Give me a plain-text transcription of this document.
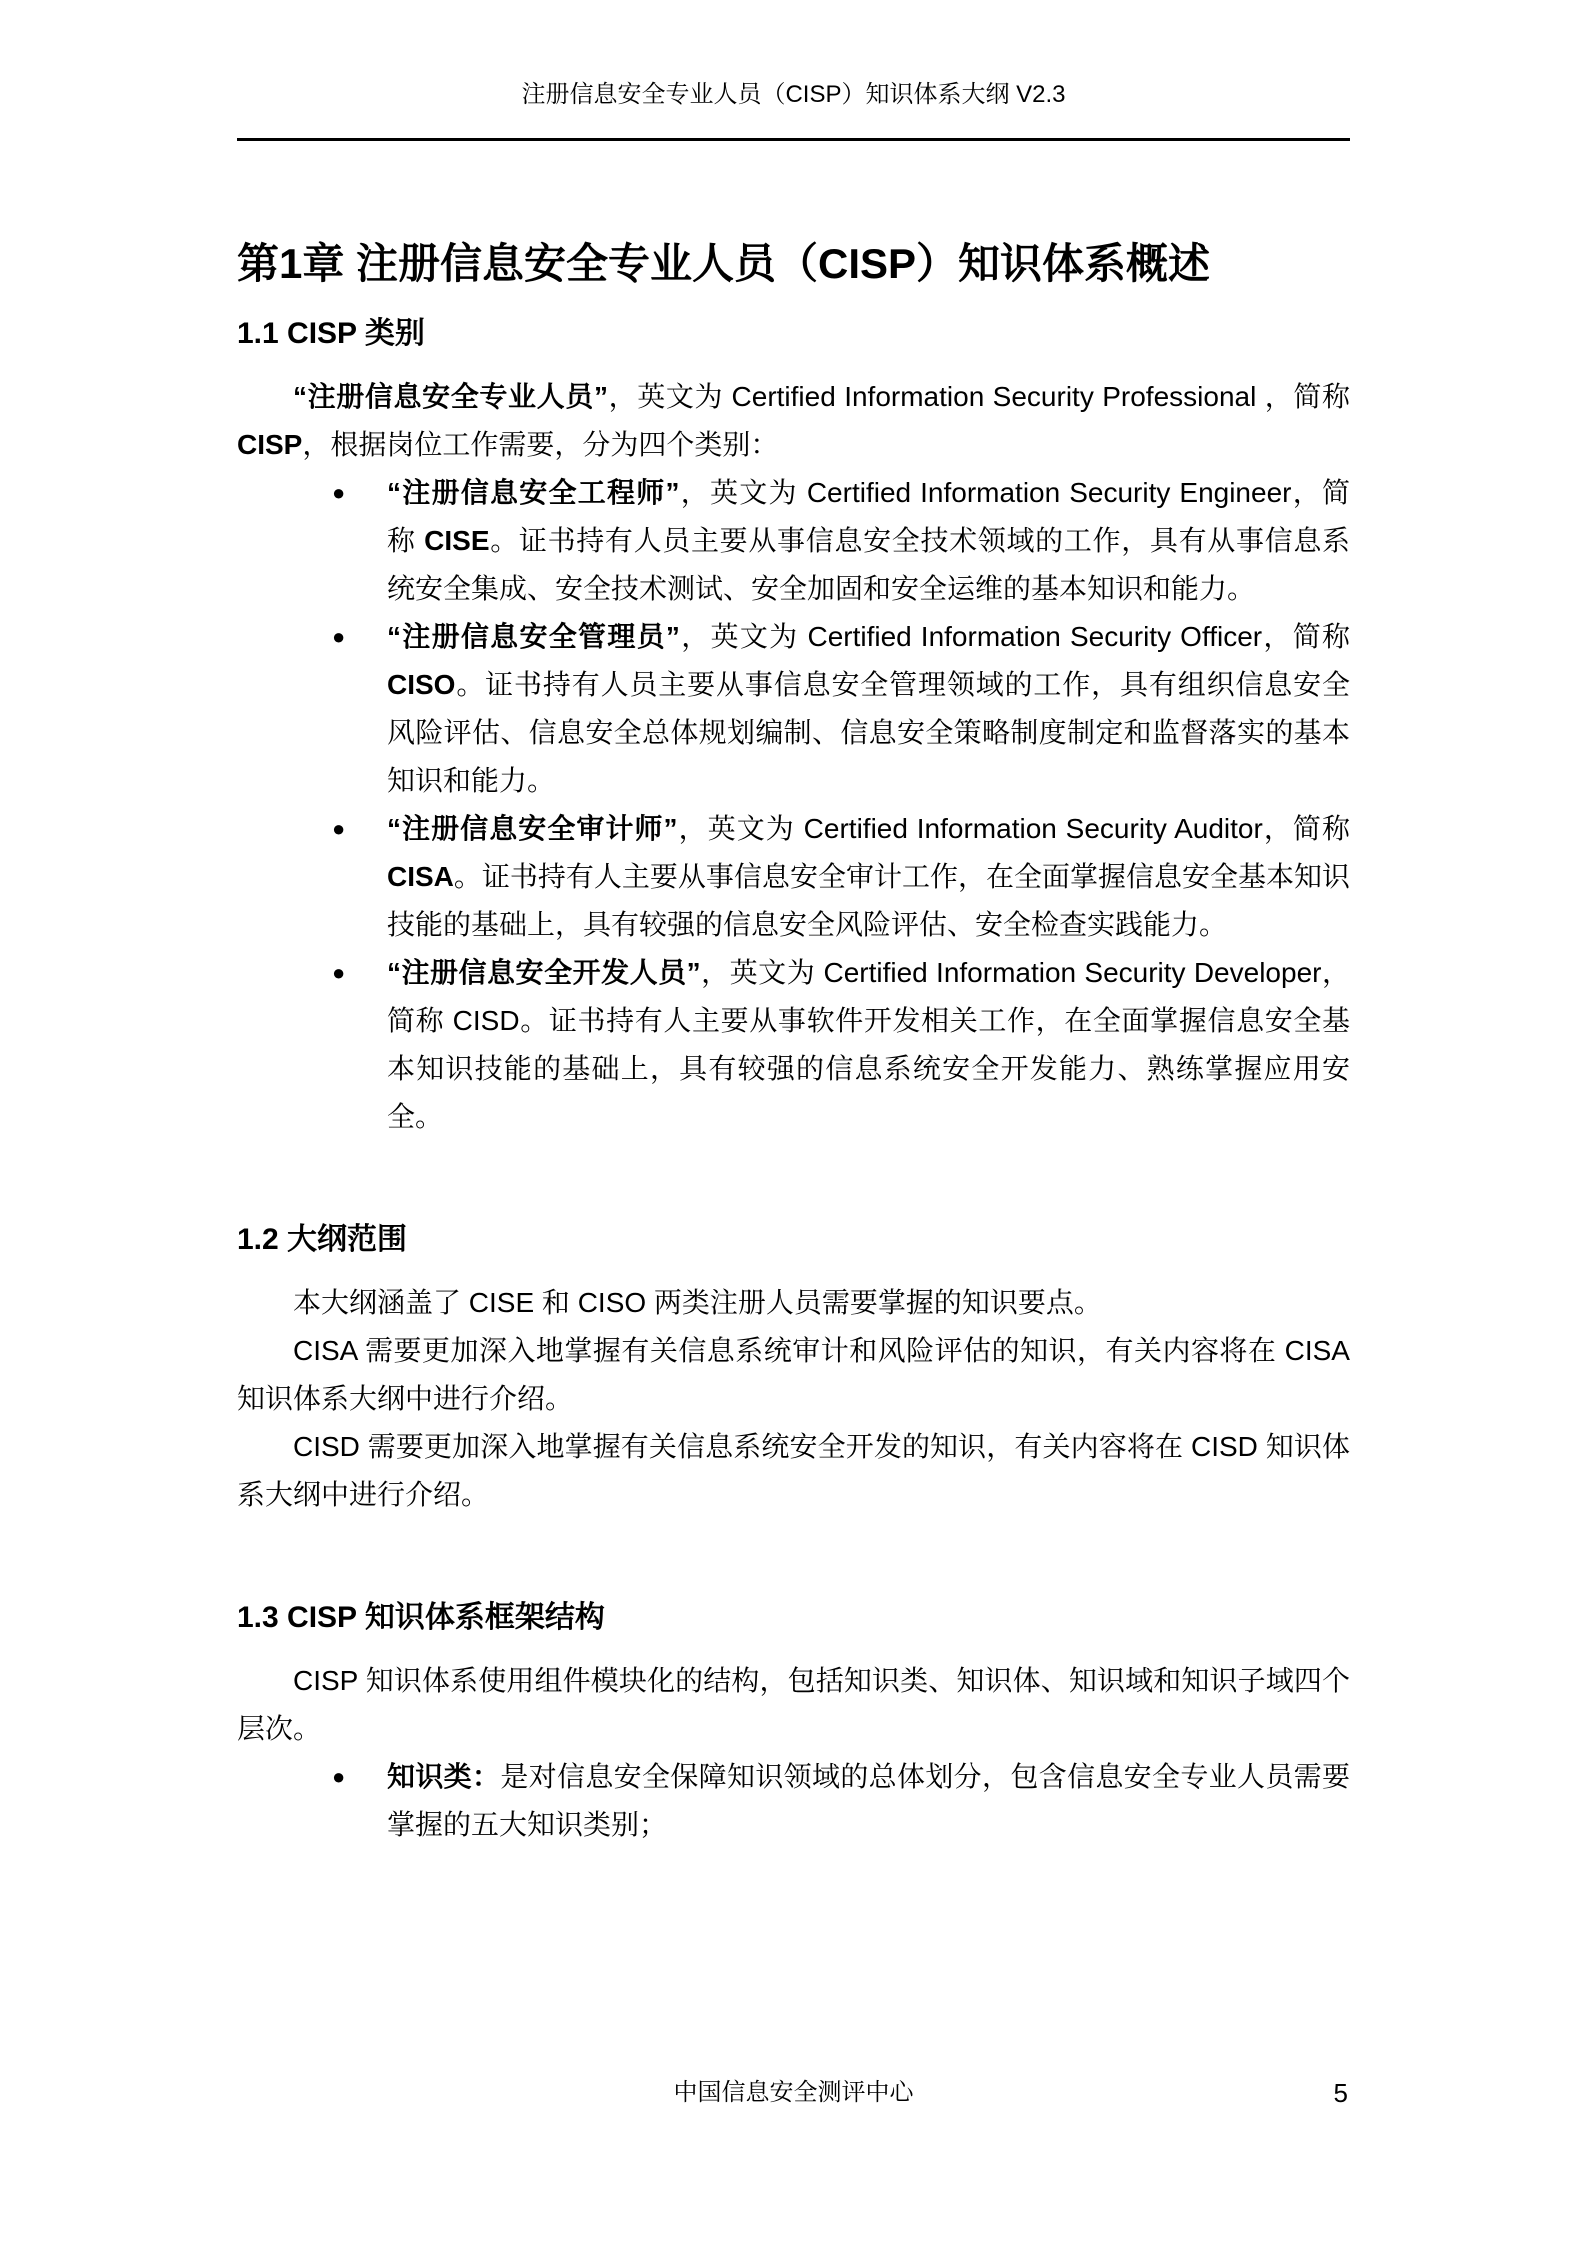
注册信息安全专业人员（CISP）知识体系大纲 V2.3
第1章 注册信息安全专业人员（CISP）知识体系概述
1.1 CISP 类别

“注册信息安全专业人员”，英文为 Certified Information Security Professional ，简称 CISP，根据岗位工作需要，分为四个类别：

● “注册信息安全工程师”，英文为 Certified Information Security Engineer，简称 CISE。证书持有人员主要从事信息安全技术领域的工作，具有从事信息系统安全集成、安全技术测试、安全加固和安全运维的基本知识和能力。
● “注册信息安全管理员”，英文为 Certified Information Security Officer，简称 CISO。证书持有人员主要从事信息安全管理领域的工作，具有组织信息安全风险评估、信息安全总体规划编制、信息安全策略制度制定和监督落实的基本知识和能力。
● “注册信息安全审计师”，英文为 Certified Information Security Auditor，简称 CISA。证书持有人主要从事信息安全审计工作，在全面掌握信息安全基本知识技能的基础上，具有较强的信息安全风险评估、安全检查实践能力。
● “注册信息安全开发人员”，英文为 Certified Information Security Developer，简称 CISD。证书持有人主要从事软件开发相关工作，在全面掌握信息安全基本知识技能的基础上，具有较强的信息系统安全开发能力、熟练掌握应用安全。
1.2 大纲范围

本大纲涵盖了 CISE 和 CISO 两类注册人员需要掌握的知识要点。

CISA 需要更加深入地掌握有关信息系统审计和风险评估的知识，有关内容将在 CISA 知识体系大纲中进行介绍。

CISD 需要更加深入地掌握有关信息系统安全开发的知识，有关内容将在 CISD 知识体系大纲中进行介绍。

1.3 CISP 知识体系框架结构

CISP 知识体系使用组件模块化的结构，包括知识类、知识体、知识域和知识子域四个层次。

● 知识类：是对信息安全保障知识领域的总体划分，包含信息安全专业人员需要掌握的五大知识类别；
中国信息安全测评中心	5
